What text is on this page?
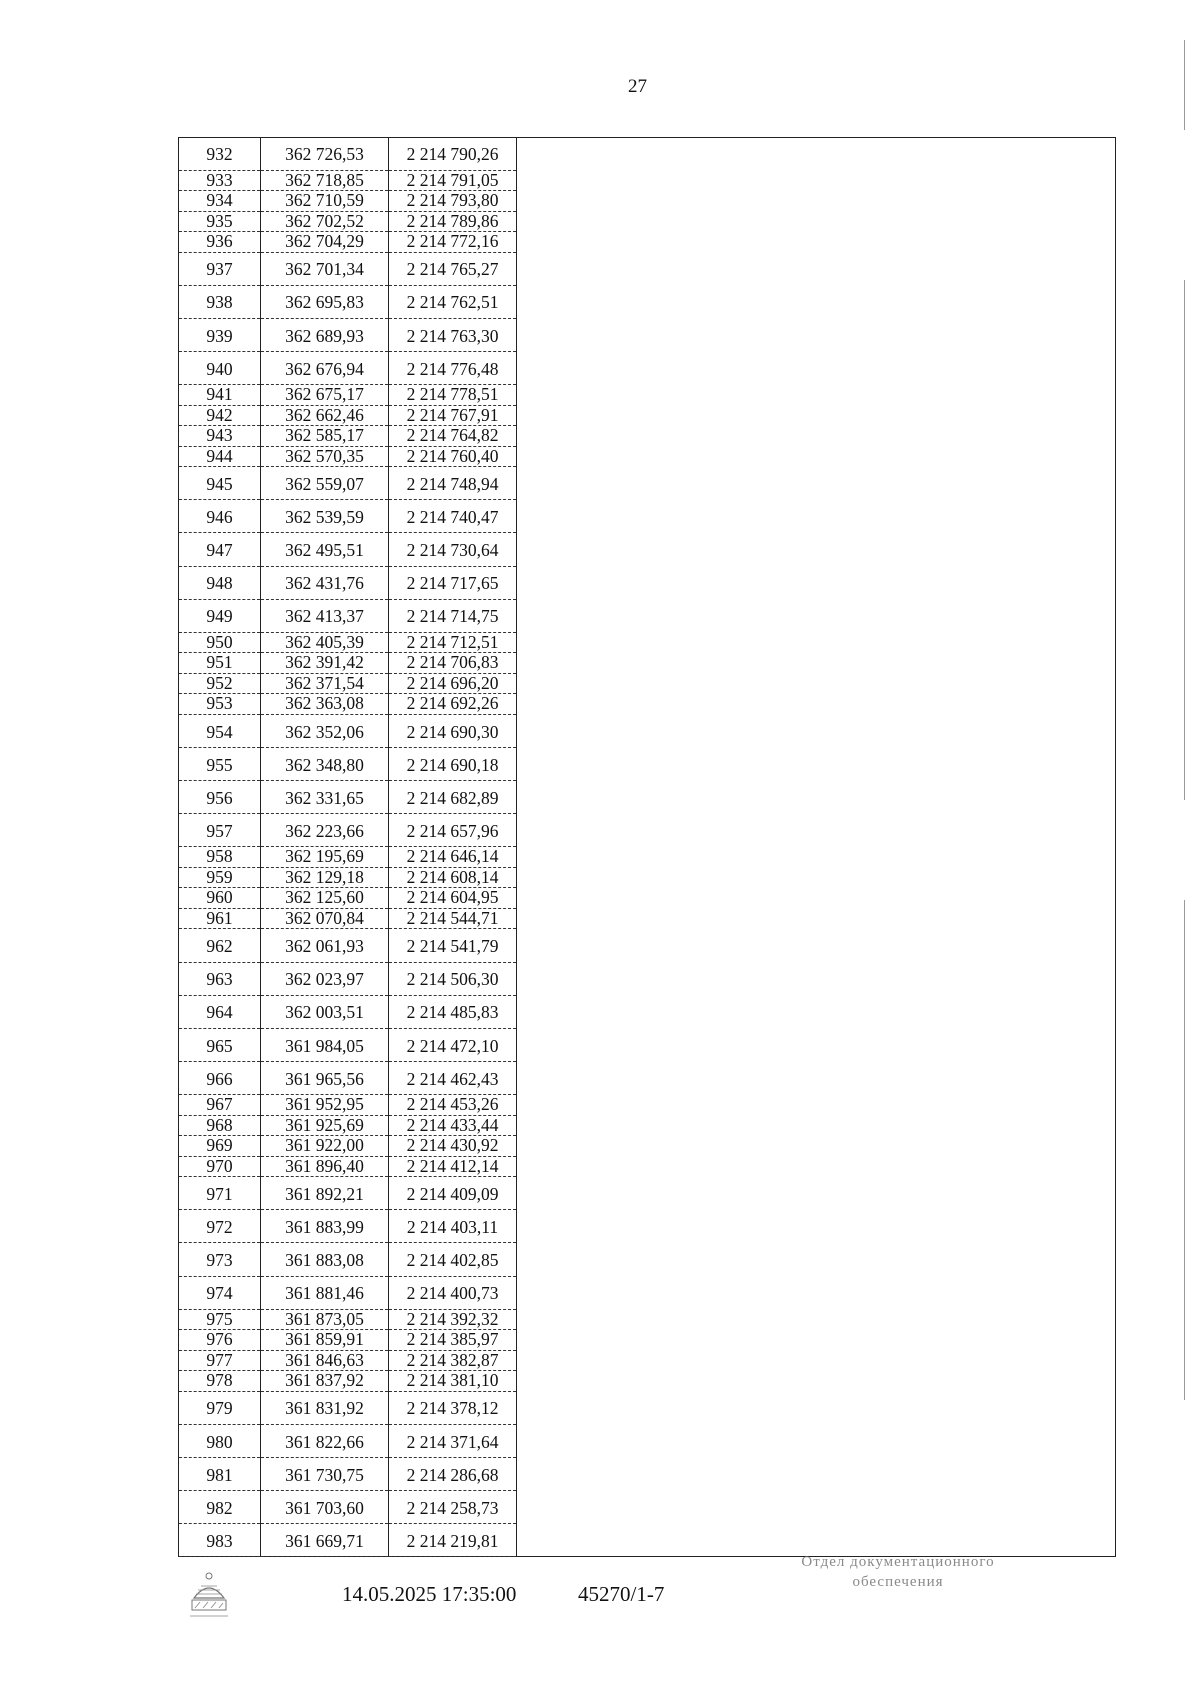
27
932	362 726,53	2 214 790,26
933	362 718,85	2 214 791,05
934	362 710,59	2 214 793,80
935	362 702,52	2 214 789,86
936	362 704,29	2 214 772,16
937	362 701,34	2 214 765,27
938	362 695,83	2 214 762,51
939	362 689,93	2 214 763,30
940	362 676,94	2 214 776,48
941	362 675,17	2 214 778,51
942	362 662,46	2 214 767,91
943	362 585,17	2 214 764,82
944	362 570,35	2 214 760,40
945	362 559,07	2 214 748,94
946	362 539,59	2 214 740,47
947	362 495,51	2 214 730,64
948	362 431,76	2 214 717,65
949	362 413,37	2 214 714,75
950	362 405,39	2 214 712,51
951	362 391,42	2 214 706,83
952	362 371,54	2 214 696,20
953	362 363,08	2 214 692,26
954	362 352,06	2 214 690,30
955	362 348,80	2 214 690,18
956	362 331,65	2 214 682,89
957	362 223,66	2 214 657,96
958	362 195,69	2 214 646,14
959	362 129,18	2 214 608,14
960	362 125,60	2 214 604,95
961	362 070,84	2 214 544,71
962	362 061,93	2 214 541,79
963	362 023,97	2 214 506,30
964	362 003,51	2 214 485,83
965	361 984,05	2 214 472,10
966	361 965,56	2 214 462,43
967	361 952,95	2 214 453,26
968	361 925,69	2 214 433,44
969	361 922,00	2 214 430,92
970	361 896,40	2 214 412,14
971	361 892,21	2 214 409,09
972	361 883,99	2 214 403,11
973	361 883,08	2 214 402,85
974	361 881,46	2 214 400,73
975	361 873,05	2 214 392,32
976	361 859,91	2 214 385,97
977	361 846,63	2 214 382,87
978	361 837,92	2 214 381,10
979	361 831,92	2 214 378,12
980	361 822,66	2 214 371,64
981	361 730,75	2 214 286,68
982	361 703,60	2 214 258,73
983	361 669,71	2 214 219,81
14.05.2025 17:35:00	45270/1-7
Отдел документационного
обеспечения
